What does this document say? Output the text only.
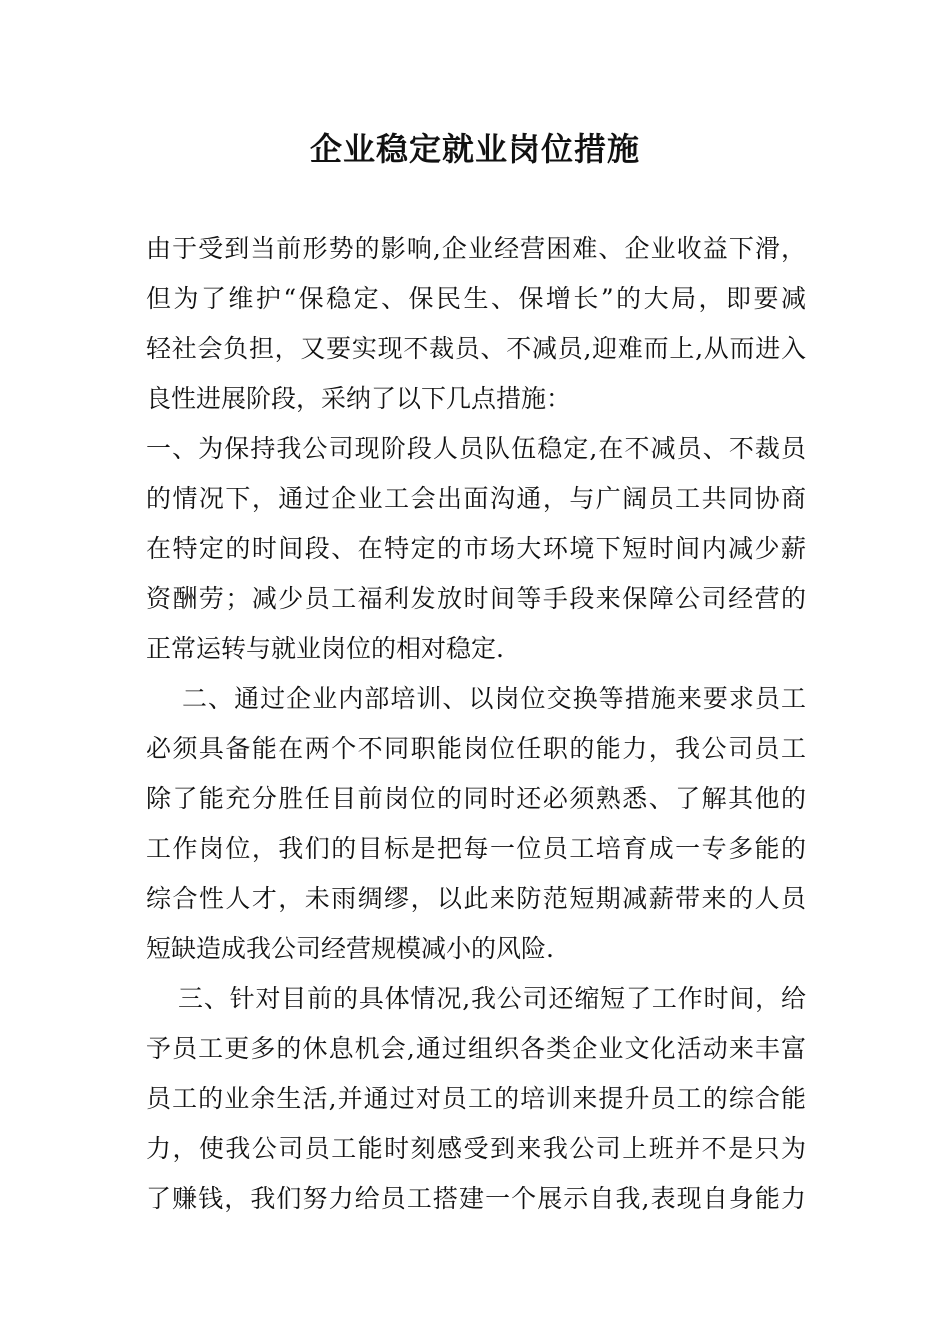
企业稳定就业岗位措施
由于受到当前形势的影响,企业经营困难、企业收益下滑，
但为了维护“保稳定、保民生、保增长”的大局，即要减
轻社会负担，又要实现不裁员、不减员,迎难而上,从而进入
良性进展阶段，采纳了以下几点措施：
一、为保持我公司现阶段人员队伍稳定,在不减员、不裁员
的情况下，通过企业工会出面沟通，与广阔员工共同协商
在特定的时间段、在特定的市场大环境下短时间内减少薪
资酬劳；减少员工福利发放时间等手段来保障公司经营的
正常运转与就业岗位的相对稳定.
二、通过企业内部培训、以岗位交换等措施来要求员工
必须具备能在两个不同职能岗位任职的能力，我公司员工
除了能充分胜任目前岗位的同时还必须熟悉、了解其他的
工作岗位，我们的目标是把每一位员工培育成一专多能的
综合性人才，未雨绸缪，以此来防范短期减薪带来的人员
短缺造成我公司经营规模减小的风险.
三、针对目前的具体情况,我公司还缩短了工作时间，给
予员工更多的休息机会,通过组织各类企业文化活动来丰富
员工的业余生活,并通过对员工的培训来提升员工的综合能
力，使我公司员工能时刻感受到来我公司上班并不是只为
了赚钱，我们努力给员工搭建一个展示自我,表现自身能力
